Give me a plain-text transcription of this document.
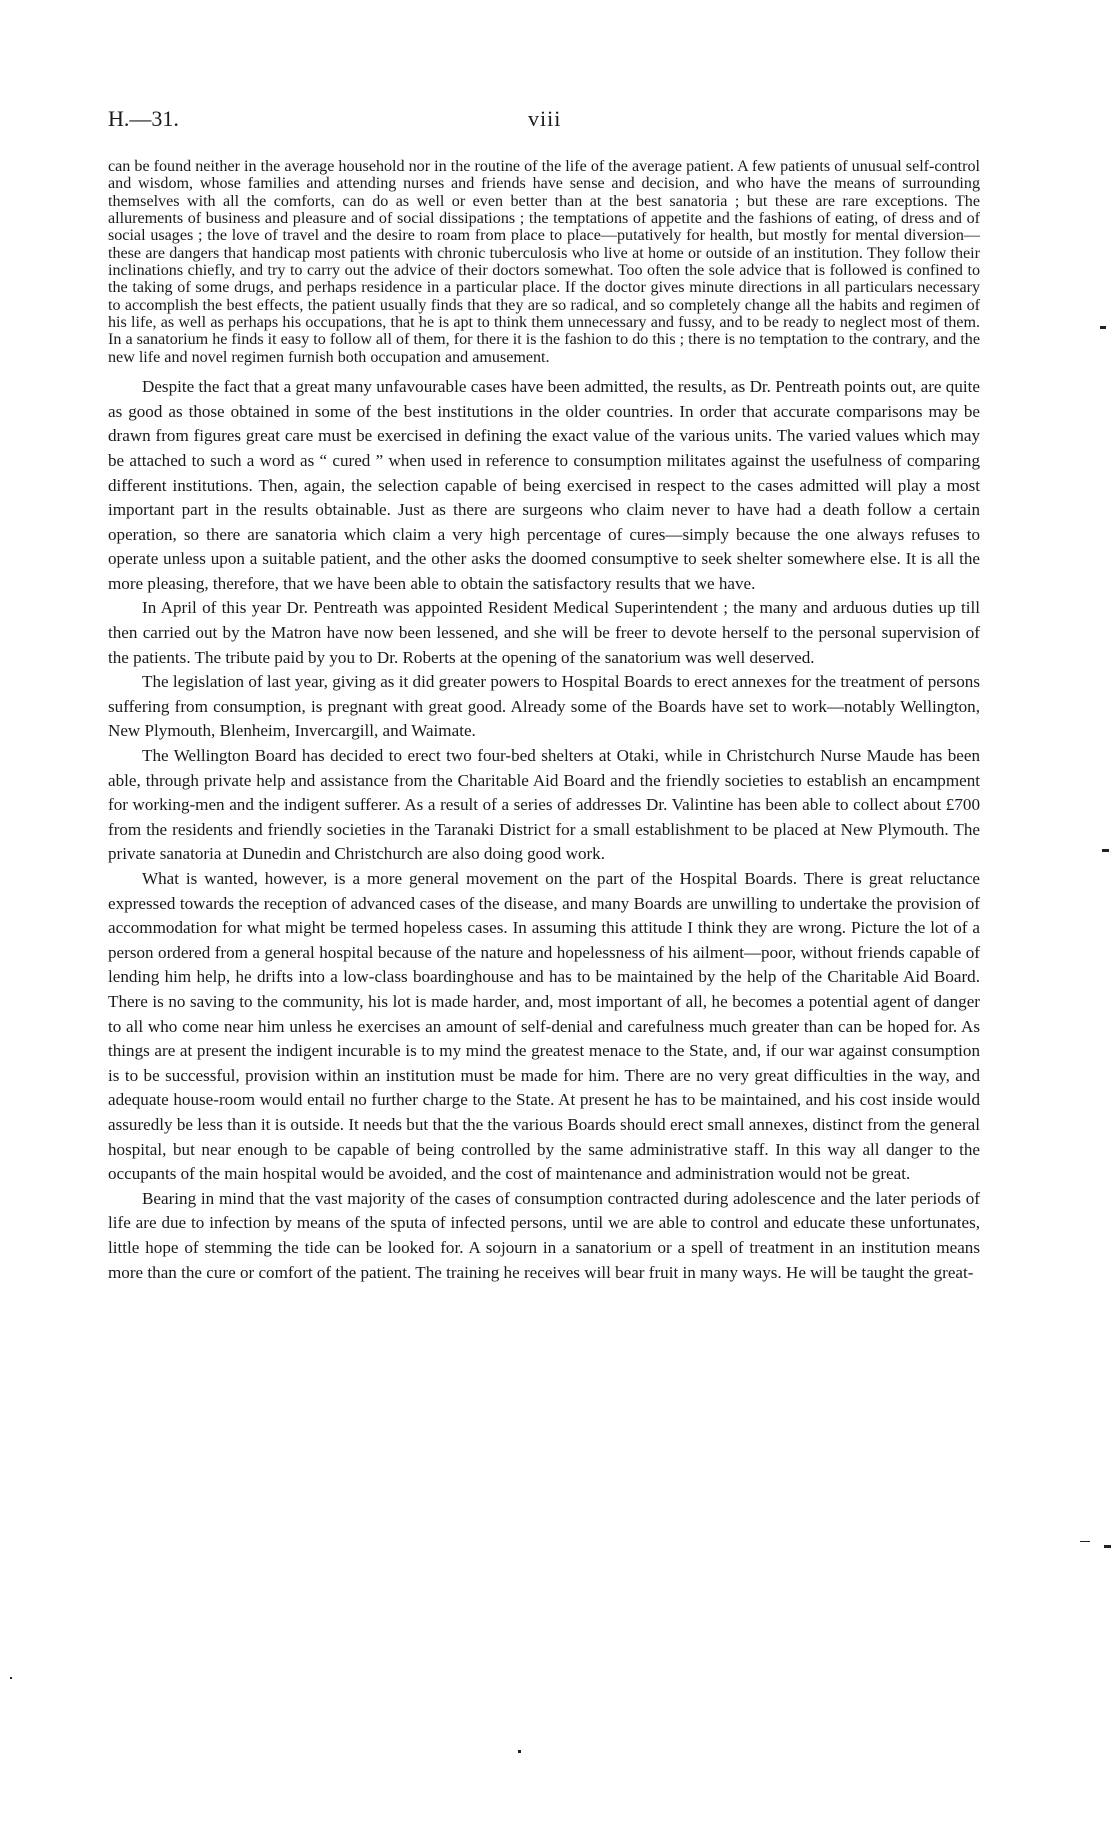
H.—31.	viii

can be found neither in the average household nor in the routine of the life of the average patient. A few patients of unusual self-control and wisdom, whose families and attending nurses and friends have sense and decision, and who have the means of surrounding themselves with all the comforts, can do as well or even better than at the best sanatoria ; but these are rare exceptions. The allurements of business and pleasure and of social dissipations ; the temptations of appetite and the fashions of eating, of dress and of social usages ; the love of travel and the desire to roam from place to place—putatively for health, but mostly for mental diversion—these are dangers that handicap most patients with chronic tuberculosis who live at home or outside of an institution. They follow their inclinations chiefly, and try to carry out the advice of their doctors somewhat. Too often the sole advice that is followed is confined to the taking of some drugs, and perhaps residence in a particular place. If the doctor gives minute directions in all particulars necessary to accomplish the best effects, the patient usually finds that they are so radical, and so completely change all the habits and regimen of his life, as well as perhaps his occupations, that he is apt to think them unnecessary and fussy, and to be ready to neglect most of them. In a sanatorium he finds it easy to follow all of them, for there it is the fashion to do this ; there is no temptation to the contrary, and the new life and novel regimen furnish both occupation and amusement.

Despite the fact that a great many unfavourable cases have been admitted, the results, as Dr. Pentreath points out, are quite as good as those obtained in some of the best institutions in the older countries. In order that accurate comparisons may be drawn from figures great care must be exercised in defining the exact value of the various units. The varied values which may be attached to such a word as “ cured ” when used in reference to consumption militates against the usefulness of comparing different institutions. Then, again, the selection capable of being exercised in respect to the cases admitted will play a most important part in the results obtainable. Just as there are surgeons who claim never to have had a death follow a certain operation, so there are sanatoria which claim a very high percentage of cures—simply because the one always refuses to operate unless upon a suitable patient, and the other asks the doomed consumptive to seek shelter somewhere else. It is all the more pleasing, therefore, that we have been able to obtain the satisfactory results that we have.

In April of this year Dr. Pentreath was appointed Resident Medical Superintendent ; the many and arduous duties up till then carried out by the Matron have now been lessened, and she will be freer to devote herself to the personal supervision of the patients. The tribute paid by you to Dr. Roberts at the opening of the sanatorium was well deserved.

The legislation of last year, giving as it did greater powers to Hospital Boards to erect annexes for the treatment of persons suffering from consumption, is pregnant with great good. Already some of the Boards have set to work—notably Wellington, New Plymouth, Blenheim, Invercargill, and Waimate.

The Wellington Board has decided to erect two four-bed shelters at Otaki, while in Christchurch Nurse Maude has been able, through private help and assistance from the Charitable Aid Board and the friendly societies to establish an encampment for working-men and the indigent sufferer. As a result of a series of addresses Dr. Valintine has been able to collect about £700 from the residents and friendly societies in the Taranaki District for a small establishment to be placed at New Plymouth. The private sanatoria at Dunedin and Christchurch are also doing good work.

What is wanted, however, is a more general movement on the part of the Hospital Boards. There is great reluctance expressed towards the reception of advanced cases of the disease, and many Boards are unwilling to undertake the provision of accommodation for what might be termed hopeless cases. In assuming this attitude I think they are wrong. Picture the lot of a person ordered from a general hospital because of the nature and hopelessness of his ailment—poor, without friends capable of lending him help, he drifts into a low-class boardinghouse and has to be maintained by the help of the Charitable Aid Board. There is no saving to the community, his lot is made harder, and, most important of all, he becomes a potential agent of danger to all who come near him unless he exercises an amount of self-denial and carefulness much greater than can be hoped for. As things are at present the indigent incurable is to my mind the greatest menace to the State, and, if our war against consumption is to be successful, provision within an institution must be made for him. There are no very great difficulties in the way, and adequate house-room would entail no further charge to the State. At present he has to be maintained, and his cost inside would assuredly be less than it is outside. It needs but that the the various Boards should erect small annexes, distinct from the general hospital, but near enough to be capable of being controlled by the same administrative staff. In this way all danger to the occupants of the main hospital would be avoided, and the cost of maintenance and administration would not be great.

Bearing in mind that the vast majority of the cases of consumption contracted during adolescence and the later periods of life are due to infection by means of the sputa of infected persons, until we are able to control and educate these unfortunates, little hope of stemming the tide can be looked for. A sojourn in a sanatorium or a spell of treatment in an institution means more than the cure or comfort of the patient. The training he receives will bear fruit in many ways. He will be taught the great-
